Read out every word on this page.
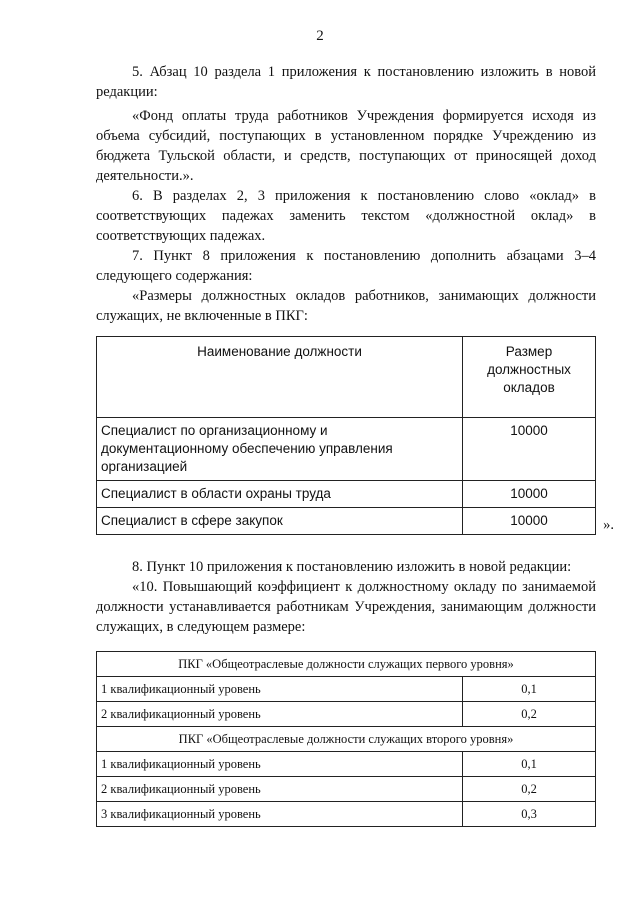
2

5. Абзац 10 раздела 1 приложения к постановлению изложить в новой редакции:

«Фонд оплаты труда работников Учреждения формируется исходя из объема субсидий, поступающих в установленном порядке Учреждению из бюджета Тульской области, и средств, поступающих от приносящей доход деятельности.».

6. В разделах 2, 3 приложения к постановлению слово «оклад» в соответствующих падежах заменить текстом «должностной оклад» в соответствующих падежах.

7. Пункт 8 приложения к постановлению дополнить абзацами 3–4 следующего содержания:

«Размеры должностных окладов работников, занимающих должности служащих, не включенные в ПКГ:

Наименование должности	Размер должностных окладов
Специалист по организационному и документационному обеспечению управления организацией	10000
Специалист в области охраны труда	10000
Специалист в сфере закупок	10000	».

8. Пункт 10 приложения к постановлению изложить в новой редакции:

«10. Повышающий коэффициент к должностному окладу по занимаемой должности устанавливается работникам Учреждения, занимающим должности служащих, в следующем размере:

ПКГ «Общеотраслевые должности служащих первого уровня»	
1 квалификационный уровень	0,1
2 квалификационный уровень	0,2
ПКГ «Общеотраслевые должности служащих второго уровня»	
1 квалификационный уровень	0,1
2 квалификационный уровень	0,2
3 квалификационный уровень	0,3
